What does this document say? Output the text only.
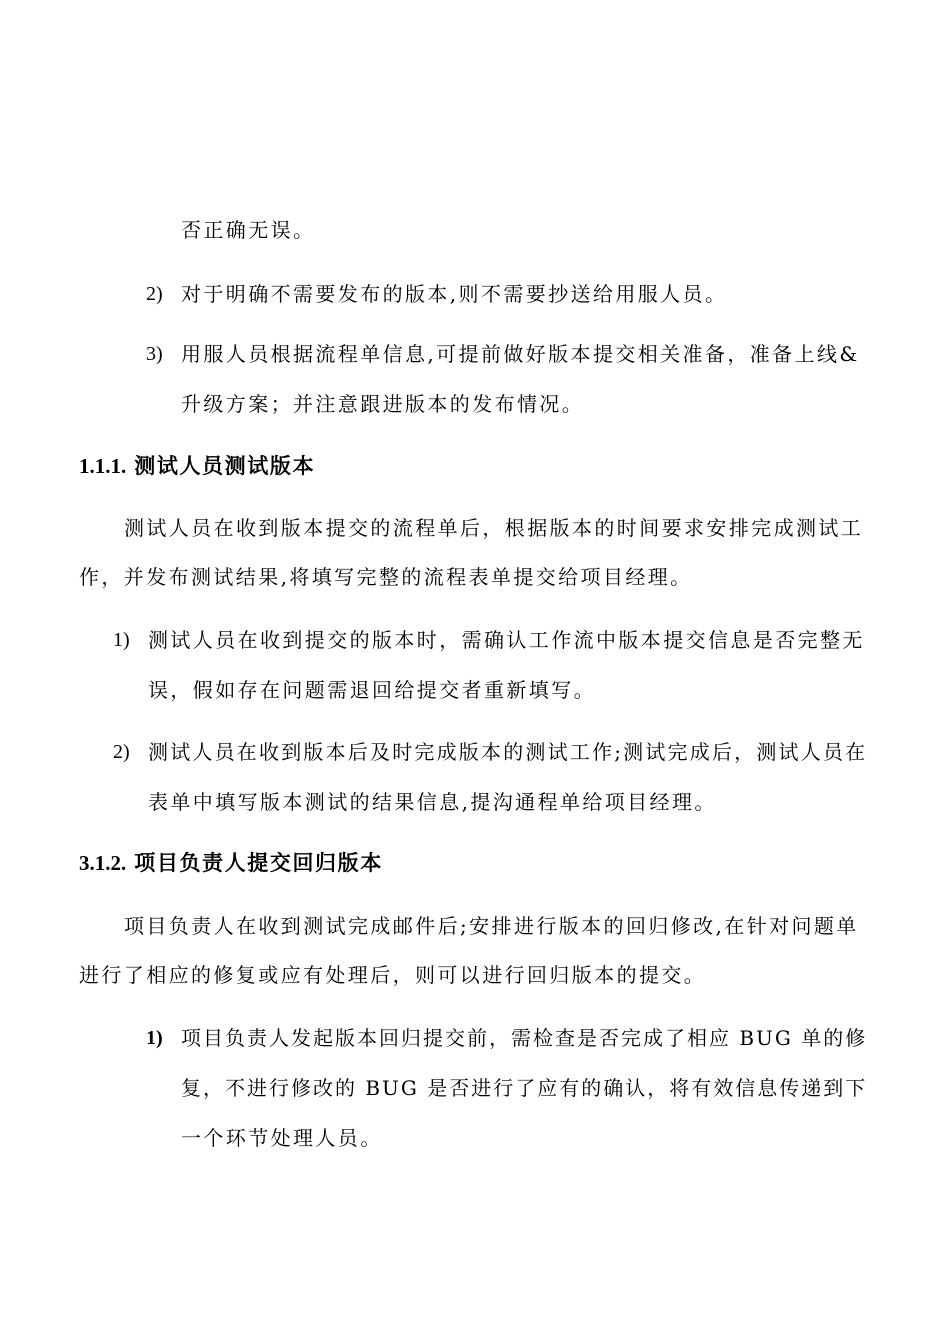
否正确无误。
2) 对于明确不需要发布的版本,则不需要抄送给用服人员。
3) 用服人员根据流程单信息,可提前做好版本提交相关准备，准备上线&
升级方案；并注意跟进版本的发布情况。
1.1.1. 测试人员测试版本
测试人员在收到版本提交的流程单后，根据版本的时间要求安排完成测试工
作，并发布测试结果,将填写完整的流程表单提交给项目经理。
1) 测试人员在收到提交的版本时，需确认工作流中版本提交信息是否完整无
误，假如存在问题需退回给提交者重新填写。
2) 测试人员在收到版本后及时完成版本的测试工作;测试完成后，测试人员在
表单中填写版本测试的结果信息,提沟通程单给项目经理。
3.1.2. 项目负责人提交回归版本
项目负责人在收到测试完成邮件后;安排进行版本的回归修改,在针对问题单
进行了相应的修复或应有处理后，则可以进行回归版本的提交。
1) 项目负责人发起版本回归提交前，需检查是否完成了相应 BUG 单的修
复，不进行修改的 BUG 是否进行了应有的确认，将有效信息传递到下
一个环节处理人员。
